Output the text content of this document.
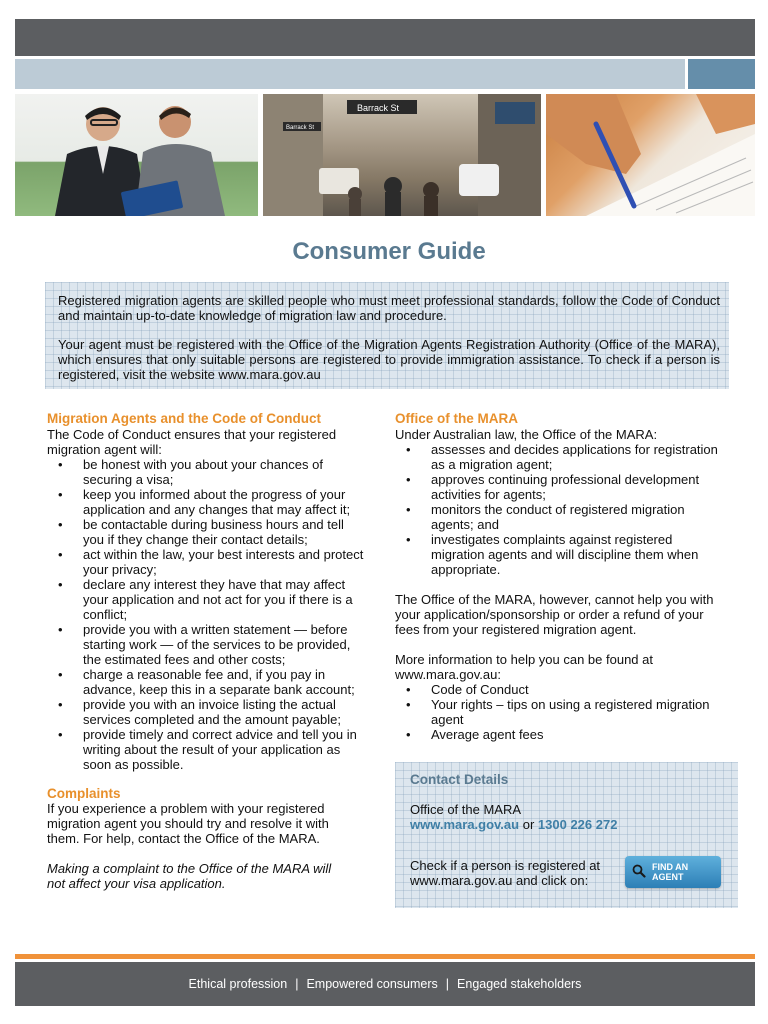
Barrack St
Barrack St
Consumer Guide

Registered migration agents are skilled people who must meet professional standards, follow the Code of Conduct and maintain up-to-date knowledge of migration law and procedure.

Your agent must be registered with the Office of the Migration Agents Registration Authority (Office of the MARA), which ensures that only suitable persons are registered to provide immigration assistance. To check if a person is registered, visit the website www.mara.gov.au

Migration Agents and the Code of Conduct

The Code of Conduct ensures that your registered migration agent will:

• be honest with you about your chances of securing a visa;
• keep you informed about the progress of your application and any changes that may affect it;
• be contactable during business hours and tell you if they change their contact details;
• act within the law, your best interests and protect your privacy;
• declare any interest they have that may affect your application and not act for you if there is a conflict;
• provide you with a written statement — before starting work — of the services to be provided, the estimated fees and other costs;
• charge a reasonable fee and, if you pay in advance, keep this in a separate bank account;
• provide you with an invoice listing the actual services completed and the amount payable;
• provide timely and correct advice and tell you in writing about the result of your application as soon as possible.
Complaints

If you experience a problem with your registered migration agent you should try and resolve it with them. For help, contact the Office of the MARA.

Making a complaint to the Office of the MARA will not affect your visa application.

Office of the MARA

Under Australian law, the Office of the MARA:

• assesses and decides applications for registration as a migration agent;
• approves continuing professional development activities for agents;
• monitors the conduct of registered migration agents; and
• investigates complaints against registered migration agents and will discipline them when appropriate.

The Office of the MARA, however, cannot help you with your application/sponsorship or order a refund of your fees from your registered migration agent.

More information to help you can be found at www.mara.gov.au:

• Code of Conduct
• Your rights – tips on using a registered migration agent
• Average agent fees

Contact Details

Office of the MARA

www.mara.gov.au or 1300 226 272

Check if a person is registered at www.mara.gov.au and click on:

FIND AN AGENT
Ethical profession | Empowered consumers | Engaged stakeholders
